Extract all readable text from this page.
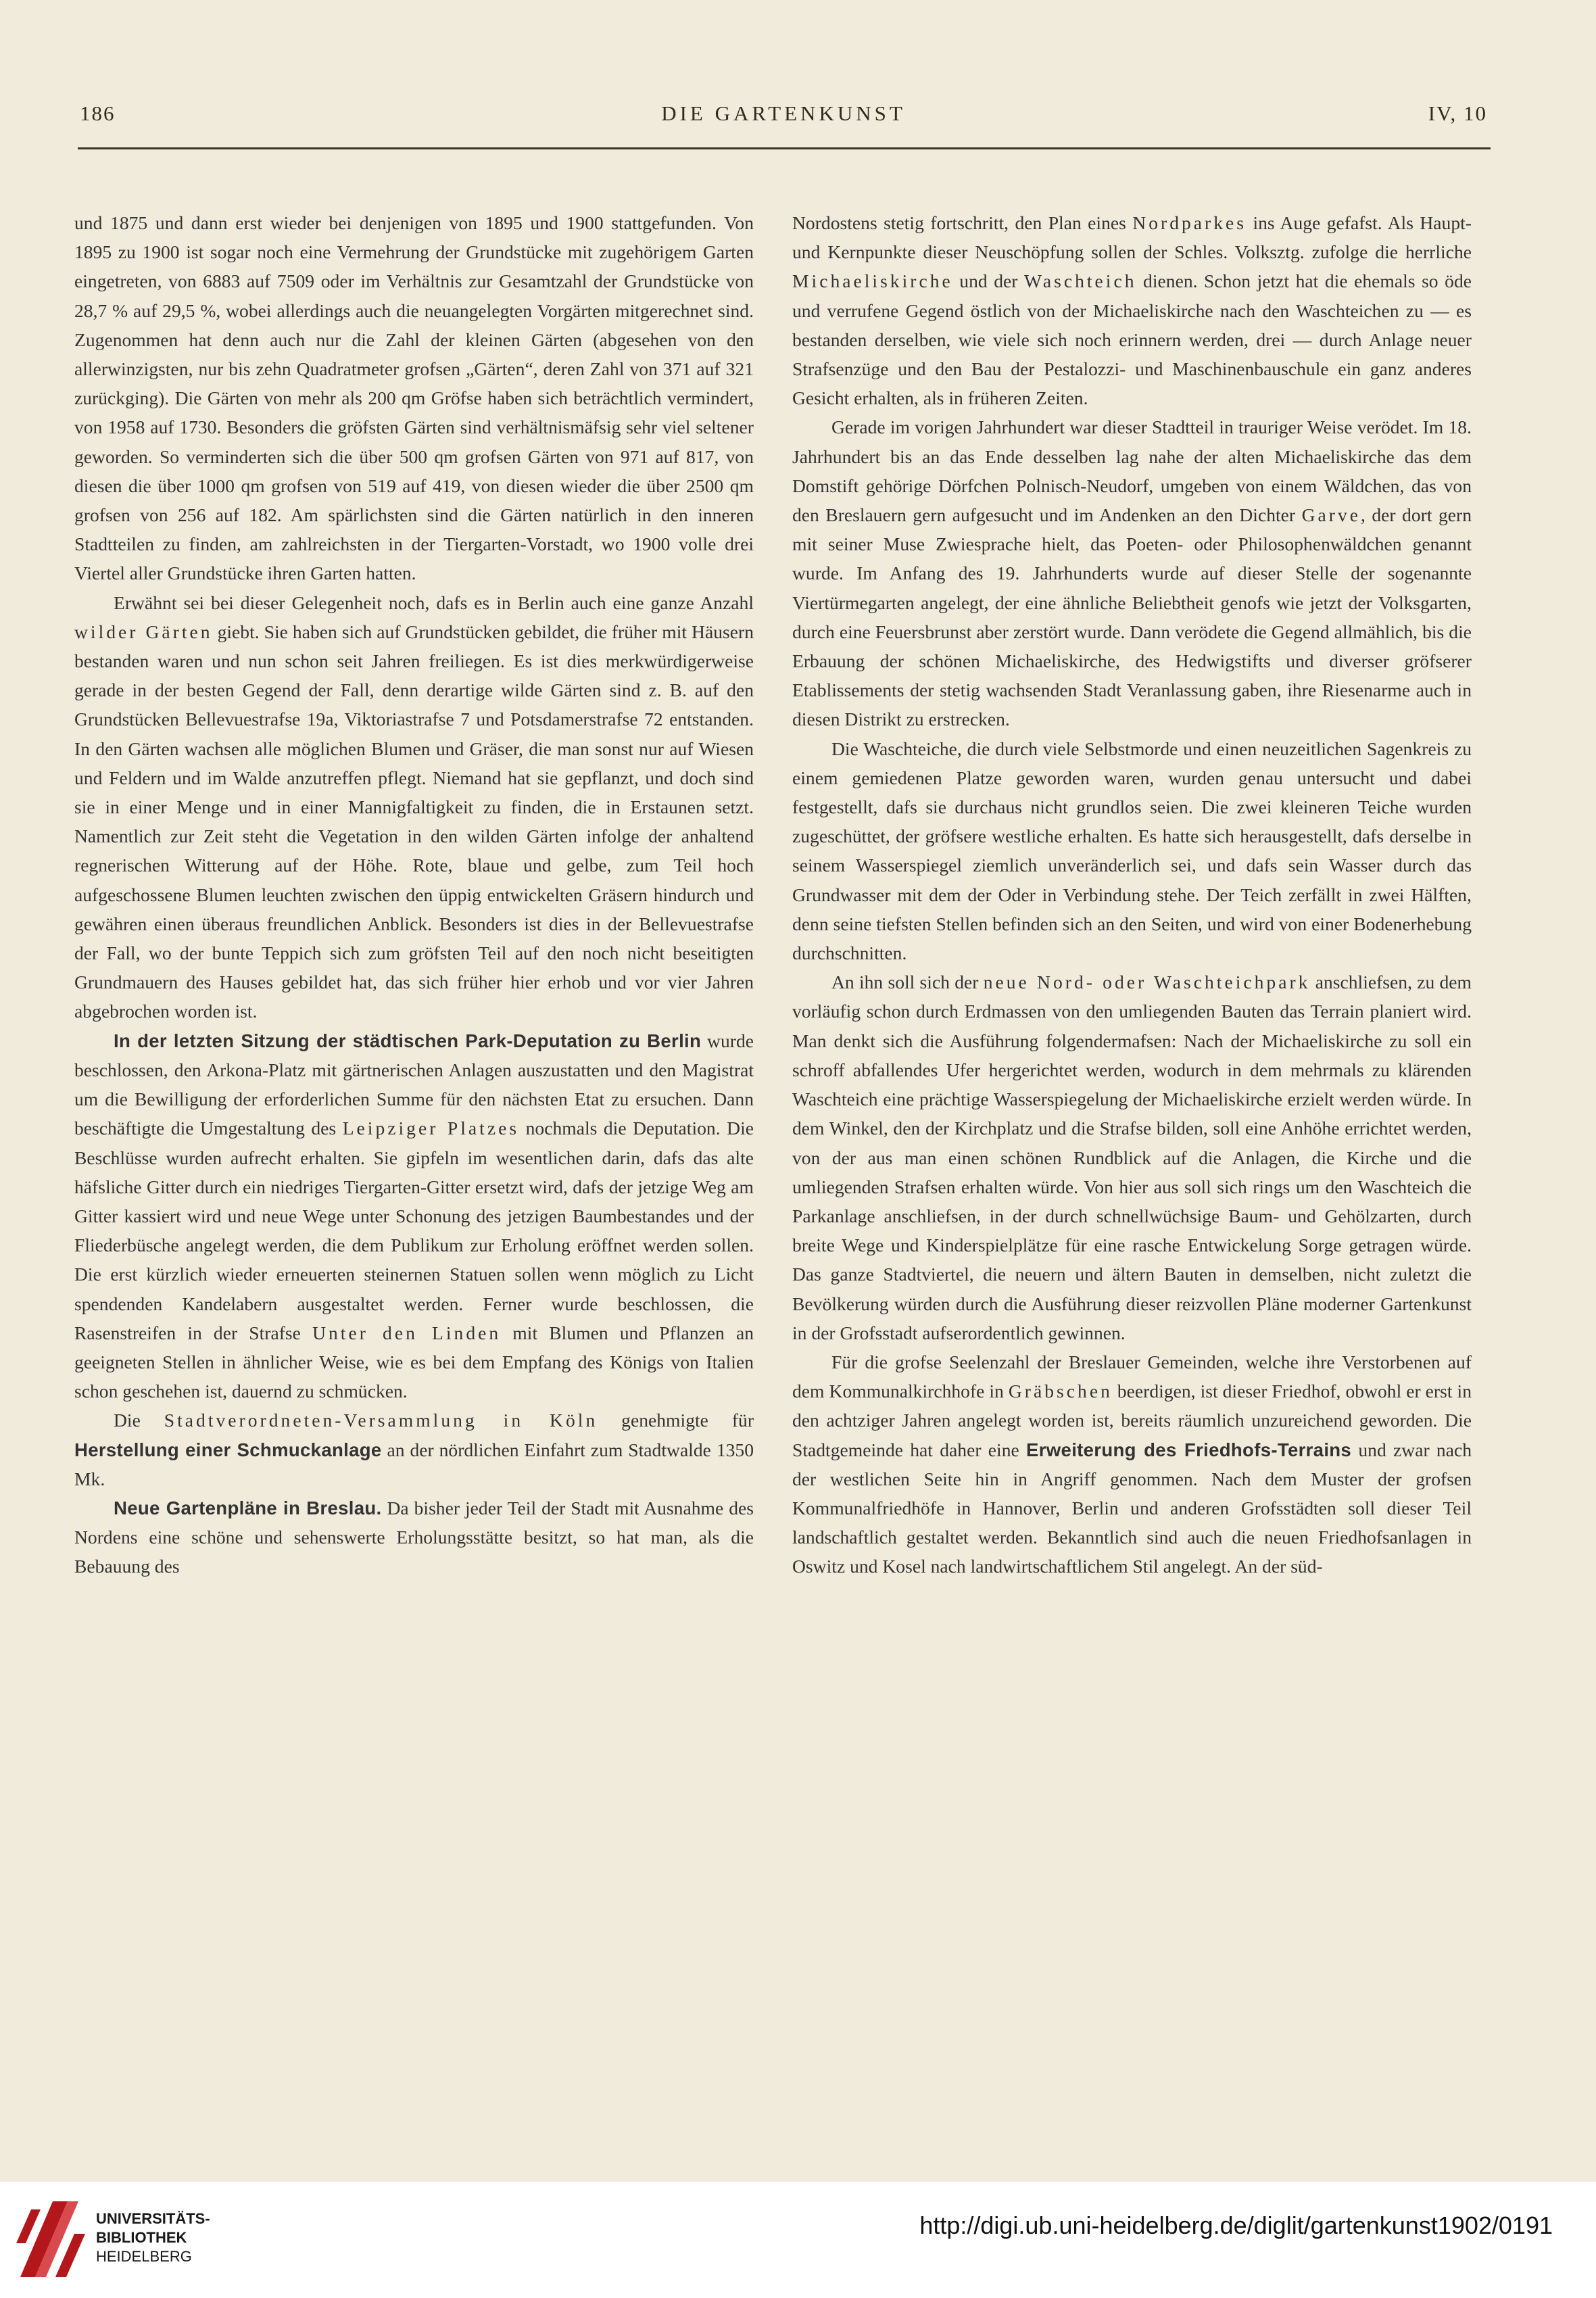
186	DIE GARTENKUNST	IV, 10

und 1875 und dann erst wieder bei denjenigen von 1895 und 1900 stattgefunden. Von 1895 zu 1900 ist sogar noch eine Vermehrung der Grundstücke mit zugehörigem Garten eingetreten, von 6883 auf 7509 oder im Verhältnis zur Gesamtzahl der Grundstücke von 28,7 % auf 29,5 %, wobei allerdings auch die neuangelegten Vorgärten mitgerechnet sind. Zugenommen hat denn auch nur die Zahl der kleinen Gärten (abgesehen von den allerwinzigsten, nur bis zehn Quadratmeter grofsen „Gärten“, deren Zahl von 371 auf 321 zurückging). Die Gärten von mehr als 200 qm Gröfse haben sich beträchtlich vermindert, von 1958 auf 1730. Besonders die gröfsten Gärten sind verhältnismäfsig sehr viel seltener geworden. So verminderten sich die über 500 qm grofsen Gärten von 971 auf 817, von diesen die über 1000 qm grofsen von 519 auf 419, von diesen wieder die über 2500 qm grofsen von 256 auf 182. Am spärlichsten sind die Gärten natürlich in den inneren Stadtteilen zu finden, am zahlreichsten in der Tiergarten-Vorstadt, wo 1900 volle drei Viertel aller Grundstücke ihren Garten hatten.

Erwähnt sei bei dieser Gelegenheit noch, dafs es in Berlin auch eine ganze Anzahl wilder Gärten giebt. Sie haben sich auf Grundstücken gebildet, die früher mit Häusern bestanden waren und nun schon seit Jahren freiliegen. Es ist dies merkwürdigerweise gerade in der besten Gegend der Fall, denn derartige wilde Gärten sind z. B. auf den Grundstücken Bellevuestrafse 19a, Viktoriastrafse 7 und Potsdamerstrafse 72 entstanden. In den Gärten wachsen alle möglichen Blumen und Gräser, die man sonst nur auf Wiesen und Feldern und im Walde anzutreffen pflegt. Niemand hat sie gepflanzt, und doch sind sie in einer Menge und in einer Mannigfaltigkeit zu finden, die in Erstaunen setzt. Namentlich zur Zeit steht die Vegetation in den wilden Gärten infolge der anhaltend regnerischen Witterung auf der Höhe. Rote, blaue und gelbe, zum Teil hoch aufgeschossene Blumen leuchten zwischen den üppig entwickelten Gräsern hindurch und gewähren einen überaus freundlichen Anblick. Besonders ist dies in der Bellevuestrafse der Fall, wo der bunte Teppich sich zum gröfsten Teil auf den noch nicht beseitigten Grundmauern des Hauses gebildet hat, das sich früher hier erhob und vor vier Jahren abgebrochen worden ist.

In der letzten Sitzung der städtischen Park-Deputation zu Berlin wurde beschlossen, den Arkona-Platz mit gärtnerischen Anlagen auszustatten und den Magistrat um die Bewilligung der erforderlichen Summe für den nächsten Etat zu ersuchen. Dann beschäftigte die Umgestaltung des Leipziger Platzes nochmals die Deputation. Die Beschlüsse wurden aufrecht erhalten. Sie gipfeln im wesentlichen darin, dafs das alte häfsliche Gitter durch ein niedriges Tiergarten-Gitter ersetzt wird, dafs der jetzige Weg am Gitter kassiert wird und neue Wege unter Schonung des jetzigen Baumbestandes und der Fliederbüsche angelegt werden, die dem Publikum zur Erholung eröffnet werden sollen. Die erst kürzlich wieder erneuerten steinernen Statuen sollen wenn möglich zu Licht spendenden Kandelabern ausgestaltet werden. Ferner wurde beschlossen, die Rasenstreifen in der Strafse Unter den Linden mit Blumen und Pflanzen an geeigneten Stellen in ähnlicher Weise, wie es bei dem Empfang des Königs von Italien schon geschehen ist, dauernd zu schmücken.

Die Stadtverordneten-Versammlung in Köln genehmigte für Herstellung einer Schmuckanlage an der nördlichen Einfahrt zum Stadtwalde 1350 Mk.

Neue Gartenpläne in Breslau. Da bisher jeder Teil der Stadt mit Ausnahme des Nordens eine schöne und sehenswerte Erholungsstätte besitzt, so hat man, als die Bebauung des

Nordostens stetig fortschritt, den Plan eines Nordparkes ins Auge gefafst. Als Haupt- und Kernpunkte dieser Neuschöpfung sollen der Schles. Volksztg. zufolge die herrliche Michaeliskirche und der Waschteich dienen. Schon jetzt hat die ehemals so öde und verrufene Gegend östlich von der Michaeliskirche nach den Waschteichen zu — es bestanden derselben, wie viele sich noch erinnern werden, drei — durch Anlage neuer Strafsenzüge und den Bau der Pestalozzi- und Maschinenbauschule ein ganz anderes Gesicht erhalten, als in früheren Zeiten.

Gerade im vorigen Jahrhundert war dieser Stadtteil in trauriger Weise verödet. Im 18. Jahrhundert bis an das Ende desselben lag nahe der alten Michaeliskirche das dem Domstift gehörige Dörfchen Polnisch-Neudorf, umgeben von einem Wäldchen, das von den Breslauern gern aufgesucht und im Andenken an den Dichter Garve, der dort gern mit seiner Muse Zwiesprache hielt, das Poeten- oder Philosophenwäldchen genannt wurde. Im Anfang des 19. Jahrhunderts wurde auf dieser Stelle der sogenannte Viertürmegarten angelegt, der eine ähnliche Beliebtheit genofs wie jetzt der Volksgarten, durch eine Feuersbrunst aber zerstört wurde. Dann verödete die Gegend allmählich, bis die Erbauung der schönen Michaeliskirche, des Hedwigstifts und diverser gröfserer Etablissements der stetig wachsenden Stadt Veranlassung gaben, ihre Riesenarme auch in diesen Distrikt zu erstrecken.

Die Waschteiche, die durch viele Selbstmorde und einen neuzeitlichen Sagenkreis zu einem gemiedenen Platze geworden waren, wurden genau untersucht und dabei festgestellt, dafs sie durchaus nicht grundlos seien. Die zwei kleineren Teiche wurden zugeschüttet, der gröfsere westliche erhalten. Es hatte sich herausgestellt, dafs derselbe in seinem Wasserspiegel ziemlich unveränderlich sei, und dafs sein Wasser durch das Grundwasser mit dem der Oder in Verbindung stehe. Der Teich zerfällt in zwei Hälften, denn seine tiefsten Stellen befinden sich an den Seiten, und wird von einer Bodenerhebung durchschnitten.

An ihn soll sich der neue Nord- oder Waschteichpark anschliefsen, zu dem vorläufig schon durch Erdmassen von den umliegenden Bauten das Terrain planiert wird. Man denkt sich die Ausführung folgendermafsen: Nach der Michaeliskirche zu soll ein schroff abfallendes Ufer hergerichtet werden, wodurch in dem mehrmals zu klärenden Waschteich eine prächtige Wasserspiegelung der Michaeliskirche erzielt werden würde. In dem Winkel, den der Kirchplatz und die Strafse bilden, soll eine Anhöhe errichtet werden, von der aus man einen schönen Rundblick auf die Anlagen, die Kirche und die umliegenden Strafsen erhalten würde. Von hier aus soll sich rings um den Waschteich die Parkanlage anschliefsen, in der durch schnellwüchsige Baum- und Gehölzarten, durch breite Wege und Kinderspielplätze für eine rasche Entwickelung Sorge getragen würde. Das ganze Stadtviertel, die neuern und ältern Bauten in demselben, nicht zuletzt die Bevölkerung würden durch die Ausführung dieser reizvollen Pläne moderner Gartenkunst in der Grofsstadt aufserordentlich gewinnen.

Für die grofse Seelenzahl der Breslauer Gemeinden, welche ihre Verstorbenen auf dem Kommunalkirchhofe in Gräbschen beerdigen, ist dieser Friedhof, obwohl er erst in den achtziger Jahren angelegt worden ist, bereits räumlich unzureichend geworden. Die Stadtgemeinde hat daher eine Erweiterung des Friedhofs-Terrains und zwar nach der westlichen Seite hin in Angriff genommen. Nach dem Muster der grofsen Kommunalfriedhöfe in Hannover, Berlin und anderen Grofsstädten soll dieser Teil landschaftlich gestaltet werden. Bekanntlich sind auch die neuen Friedhofsanlagen in Oswitz und Kosel nach landwirtschaftlichem Stil angelegt. An der süd-

UNIVERSITÄTS-
BIBLIOTHEK
HEIDELBERG
http://digi.ub.uni-heidelberg.de/diglit/gartenkunst1902/0191
